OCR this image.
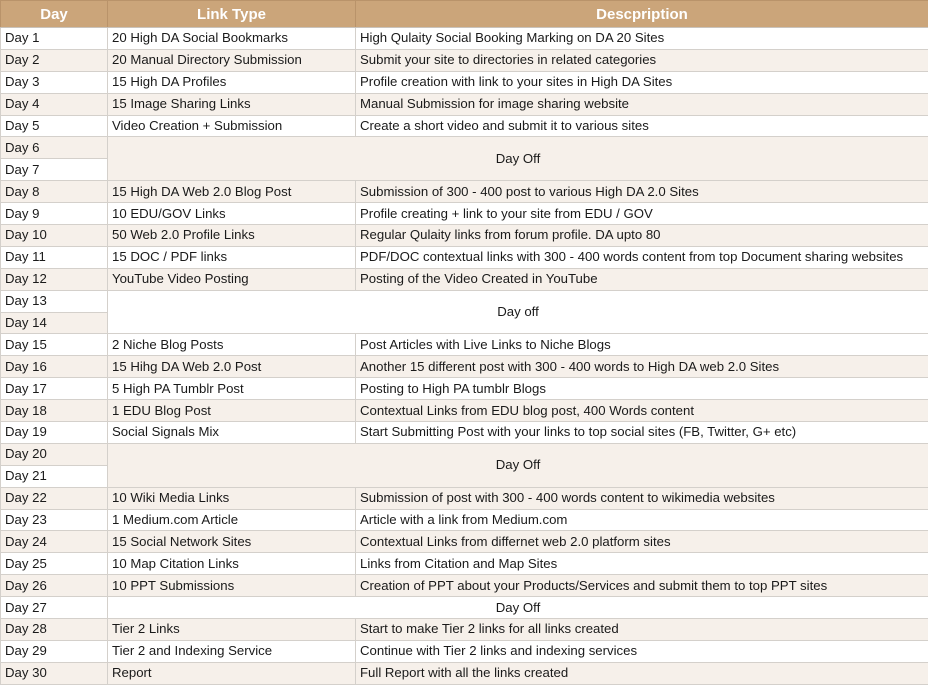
Day	Link Type	Descpription
Day 1	20 High DA Social Bookmarks	High Qulaity Social Booking Marking on DA 20 Sites
Day 2	20 Manual Directory Submission	Submit your site to directories in related categories
Day 3	15 High DA Profiles	Profile creation with link to your sites in High DA Sites
Day 4	15 Image Sharing Links	Manual Submission for image sharing website
Day 5	Video Creation + Submission	Create a short video and submit it to various sites
Day 6	Day Off	
Day 7		
Day 8	15 High DA Web 2.0 Blog Post	Submission of 300 - 400 post to various High DA 2.0 Sites
Day 9	10 EDU/GOV Links	Profile creating + link to your site from EDU / GOV
Day 10	50 Web 2.0 Profile Links	Regular Qulaity links from forum profile. DA upto 80
Day 11	15 DOC / PDF links	PDF/DOC contextual links with 300 - 400 words content from top Document sharing websites
Day 12	YouTube Video Posting	Posting of the Video Created in YouTube
Day 13	Day off	
Day 14		
Day 15	2 Niche Blog Posts	Post Articles with Live Links to Niche Blogs
Day 16	15 Hihg DA Web 2.0 Post	Another 15 different post with 300 - 400 words to High DA web 2.0 Sites
Day 17	5 High PA Tumblr Post	Posting to High PA tumblr Blogs
Day 18	1 EDU Blog Post	Contextual Links from EDU blog post, 400 Words content
Day 19	Social Signals Mix	Start Submitting Post with your links to top social sites (FB, Twitter, G+ etc)
Day 20	Day Off	
Day 21		
Day 22	10 Wiki Media Links	Submission of post with 300 - 400 words content to wikimedia websites
Day 23	1 Medium.com Article	Article with a link from Medium.com
Day 24	15 Social Network Sites	Contextual Links from differnet web 2.0 platform sites
Day 25	10 Map Citation Links	Links from Citation and Map Sites
Day 26	10 PPT Submissions	Creation of PPT about your Products/Services and submit them to top PPT sites
Day 27	Day Off	
Day 28	Tier 2 Links	Start to make Tier 2 links for all links created
Day 29	Tier 2 and Indexing Service	Continue with Tier 2 links and indexing services
Day 30	Report	Full Report with all the links created
